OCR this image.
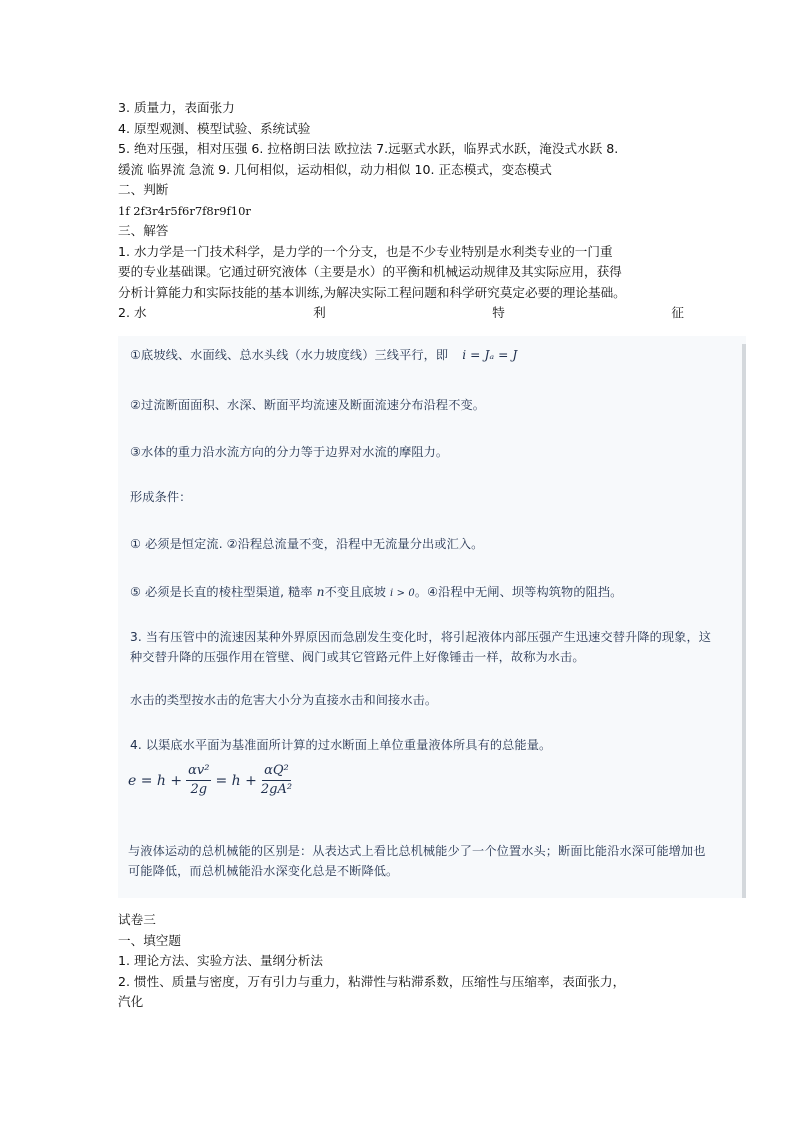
3. 质量力，表面张力
4. 原型观测、模型试验、系统试验
5. 绝对压强，相对压强 6. 拉格朗曰法 欧拉法 7.远驱式水跃，临界式水跃，淹没式水跃 8.
缓流 临界流 急流 9. 几何相似，运动相似，动力相似 10. 正态模式，变态模式
二、判断
1f 2f3r4r5f6r7f8r9f10r
三、解答
1. 水力学是一门技术科学，是力学的一个分支，也是不少专业特别是水利类专业的一门重
要的专业基础课。它通过研究液体（主要是水）的平衡和机械运动规律及其实际应用，获得
分析计算能力和实际技能的基本训练,为解决实际工程问题和科学研究莫定必要的理论基础。
2. 水	利	特	征
①底坡线、水面线、总水头线（水力坡度线）三线平行，即 i = Jₐ = J
②过流断面面积、水深、断面平均流速及断面流速分布沿程不变。
③水体的重力沿水流方向的分力等于边界对水流的摩阻力。
形成条件：
① 必须是恒定流. ②沿程总流量不变，沿程中无流量分出或汇入。
⑤ 必须是长直的棱柱型渠道, 糙率 n不变且底坡 i > 0。④沿程中无闸、坝等构筑物的阻挡。
3. 当有压管中的流速因某种外界原因而急剧发生变化时，将引起液体内部压强产生迅速交替升降的现象，这
种交替升降的压强作用在管壁、阀门或其它管路元件上好像锤击一样，故称为水击。
水击的类型按水击的危害大小分为直接水击和间接水击。
4. 以渠底水平面为基准面所计算的过水断面上单位重量液体所具有的总能量。
$e = h + \frac{\text{αv²}}{2g} = h + \frac{\text{αQ²}}{\text{2gA²}}$
与液体运动的总机械能的区别是：从表达式上看比总机械能少了一个位置水头；断面比能沿水深可能增加也
可能降低，而总机械能沿水深变化总是不断降低。
试卷三
一、填空题
1. 理论方法、实验方法、量纲分析法
2. 惯性、质量与密度，万有引力与重力，粘滞性与粘滞系数，压缩性与压缩率，表面张力，
汽化
